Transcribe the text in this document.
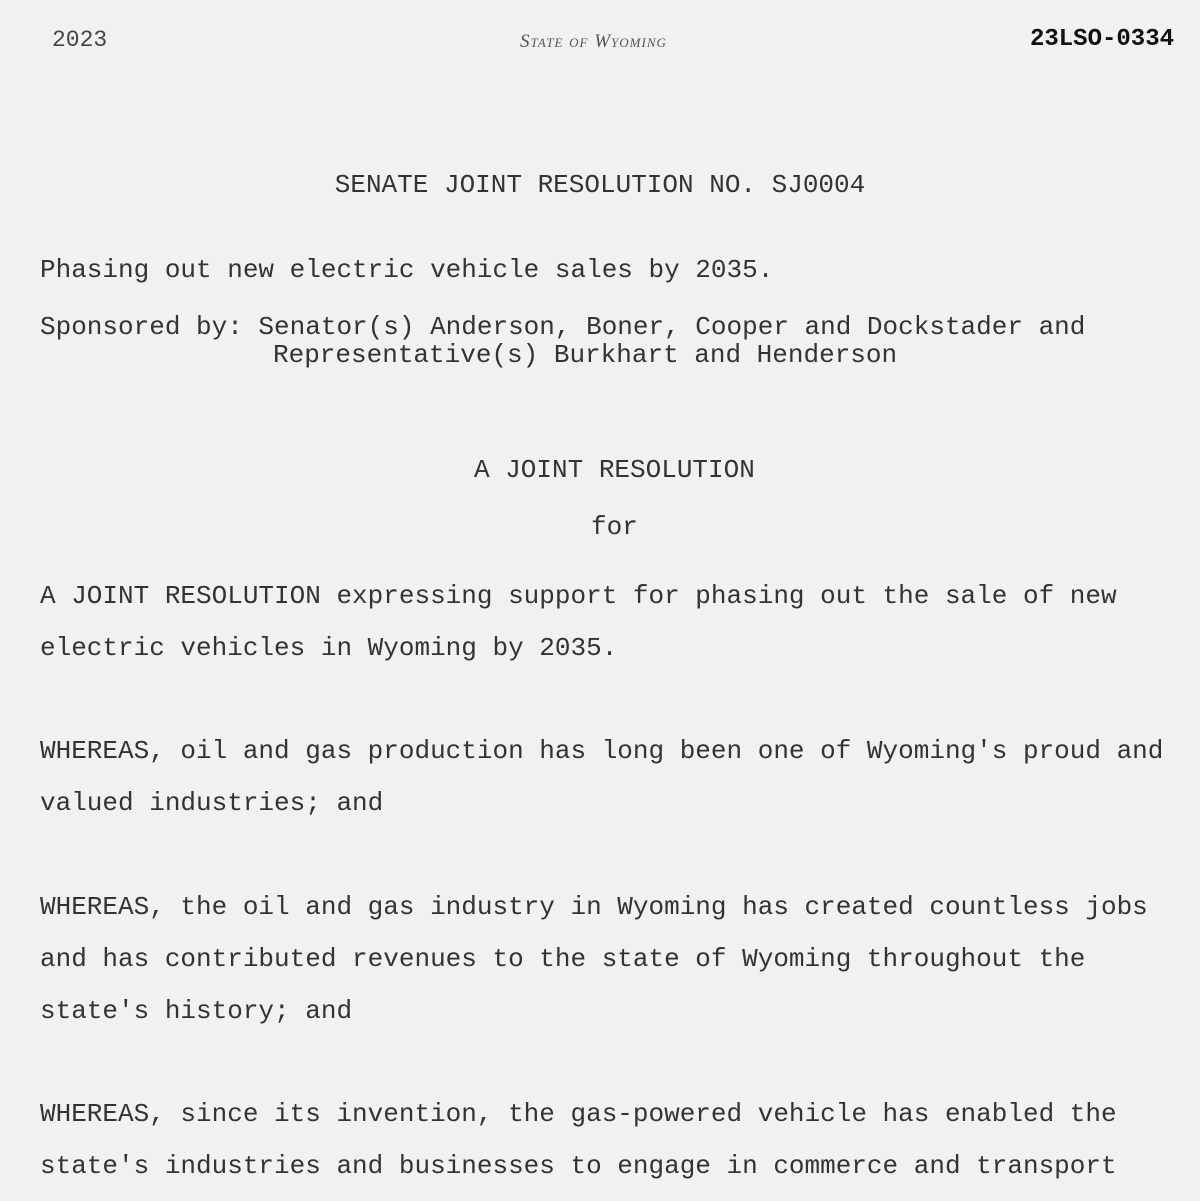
2023	State of Wyoming	23LSO-0334
SENATE JOINT RESOLUTION NO. SJ0004
Phasing out new electric vehicle sales by 2035.
Sponsored by: Senator(s) Anderson, Boner, Cooper and Dockstader and
Representative(s) Burkhart and Henderson
A JOINT RESOLUTION
for
A JOINT RESOLUTION expressing support for phasing out the sale of new
electric vehicles in Wyoming by 2035.
WHEREAS, oil and gas production has long been one of Wyoming's proud and
valued industries; and
WHEREAS, the oil and gas industry in Wyoming has created countless jobs
and has contributed revenues to the state of Wyoming throughout the
state's history; and
WHEREAS, since its invention, the gas-powered vehicle has enabled the
state's industries and businesses to engage in commerce and transport
